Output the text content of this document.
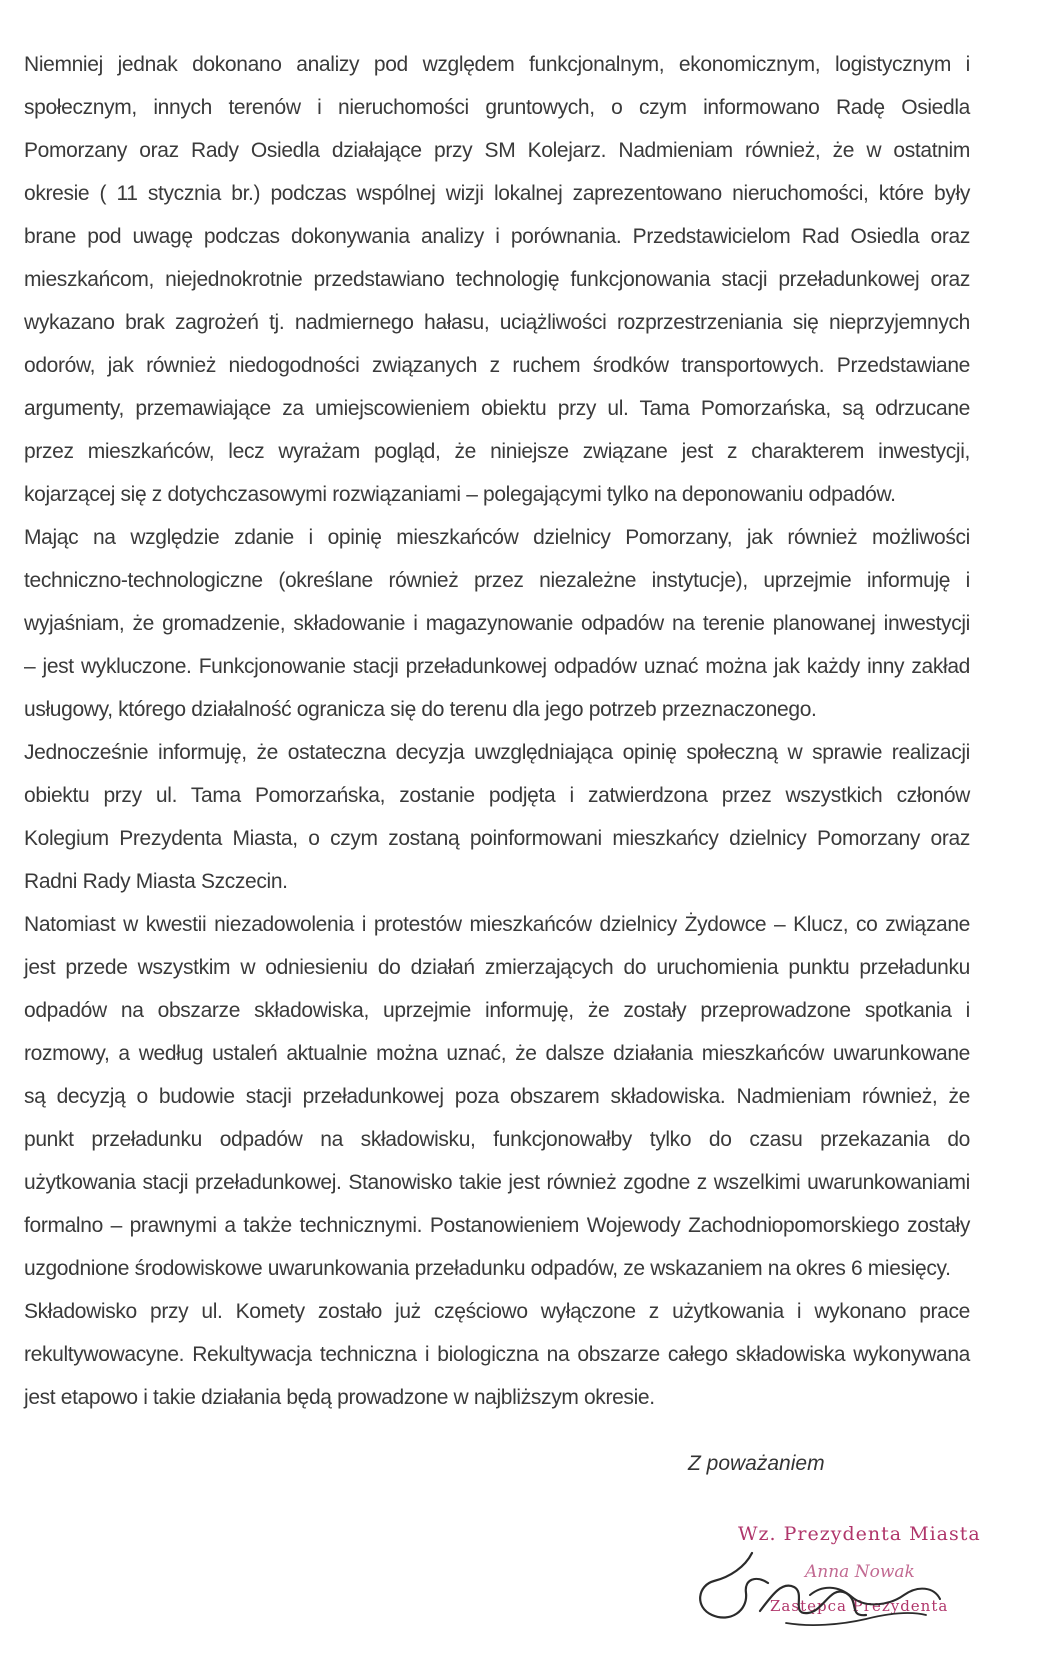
Niemniej jednak dokonano analizy pod względem funkcjonalnym, ekonomicznym, logistycznym i
społecznym, innych terenów i nieruchomości gruntowych, o czym informowano Radę Osiedla
Pomorzany oraz Rady Osiedla działające przy SM Kolejarz. Nadmieniam również, że w ostatnim
okresie ( 11 stycznia br.) podczas wspólnej wizji lokalnej zaprezentowano nieruchomości, które były
brane pod uwagę podczas dokonywania analizy i porównania. Przedstawicielom Rad Osiedla oraz
mieszkańcom, niejednokrotnie przedstawiano technologię funkcjonowania stacji przeładunkowej oraz
wykazano brak zagrożeń tj. nadmiernego hałasu, uciążliwości rozprzestrzeniania się nieprzyjemnych
odorów, jak również niedogodności związanych z ruchem środków transportowych. Przedstawiane
argumenty, przemawiające za umiejscowieniem obiektu przy ul. Tama Pomorzańska, są odrzucane
przez mieszkańców, lecz wyrażam pogląd, że niniejsze związane jest z charakterem inwestycji,
kojarzącej się z dotychczasowymi rozwiązaniami – polegającymi tylko na deponowaniu odpadów.

Mając na względzie zdanie i opinię mieszkańców dzielnicy Pomorzany, jak również możliwości
techniczno-technologiczne (określane również przez niezależne instytucje), uprzejmie informuję i
wyjaśniam, że gromadzenie, składowanie i magazynowanie odpadów na terenie planowanej inwestycji
– jest wykluczone. Funkcjonowanie stacji przeładunkowej odpadów uznać można jak każdy inny zakład
usługowy, którego działalność ogranicza się do terenu dla jego potrzeb przeznaczonego.

Jednocześnie informuję, że ostateczna decyzja uwzględniająca opinię społeczną w sprawie realizacji
obiektu przy ul. Tama Pomorzańska, zostanie podjęta i zatwierdzona przez wszystkich członów
Kolegium Prezydenta Miasta, o czym zostaną poinformowani mieszkańcy dzielnicy Pomorzany oraz
Radni Rady Miasta Szczecin.

Natomiast w kwestii niezadowolenia i protestów mieszkańców dzielnicy Żydowce – Klucz, co związane
jest przede wszystkim w odniesieniu do działań zmierzających do uruchomienia punktu przeładunku
odpadów na obszarze składowiska, uprzejmie informuję, że zostały przeprowadzone spotkania i
rozmowy, a według ustaleń aktualnie można uznać, że dalsze działania mieszkańców uwarunkowane
są decyzją o budowie stacji przeładunkowej poza obszarem składowiska. Nadmieniam również, że
punkt przeładunku odpadów na składowisku, funkcjonowałby tylko do czasu przekazania do
użytkowania stacji przeładunkowej. Stanowisko takie jest również zgodne z wszelkimi uwarunkowaniami
formalno – prawnymi a także technicznymi. Postanowieniem Wojewody Zachodniopomorskiego zostały
uzgodnione środowiskowe uwarunkowania przeładunku odpadów, ze wskazaniem na okres 6 miesięcy.

Składowisko przy ul. Komety zostało już częściowo wyłączone z użytkowania i wykonano prace
rekultywowacyne. Rekultywacja techniczna i biologiczna na obszarze całego składowiska wykonywana
jest etapowo i takie działania będą prowadzone w najbliższym okresie.

Z poważaniem
Wz. Prezydenta Miasta
Anna Nowak
Zastępca Prezydenta
